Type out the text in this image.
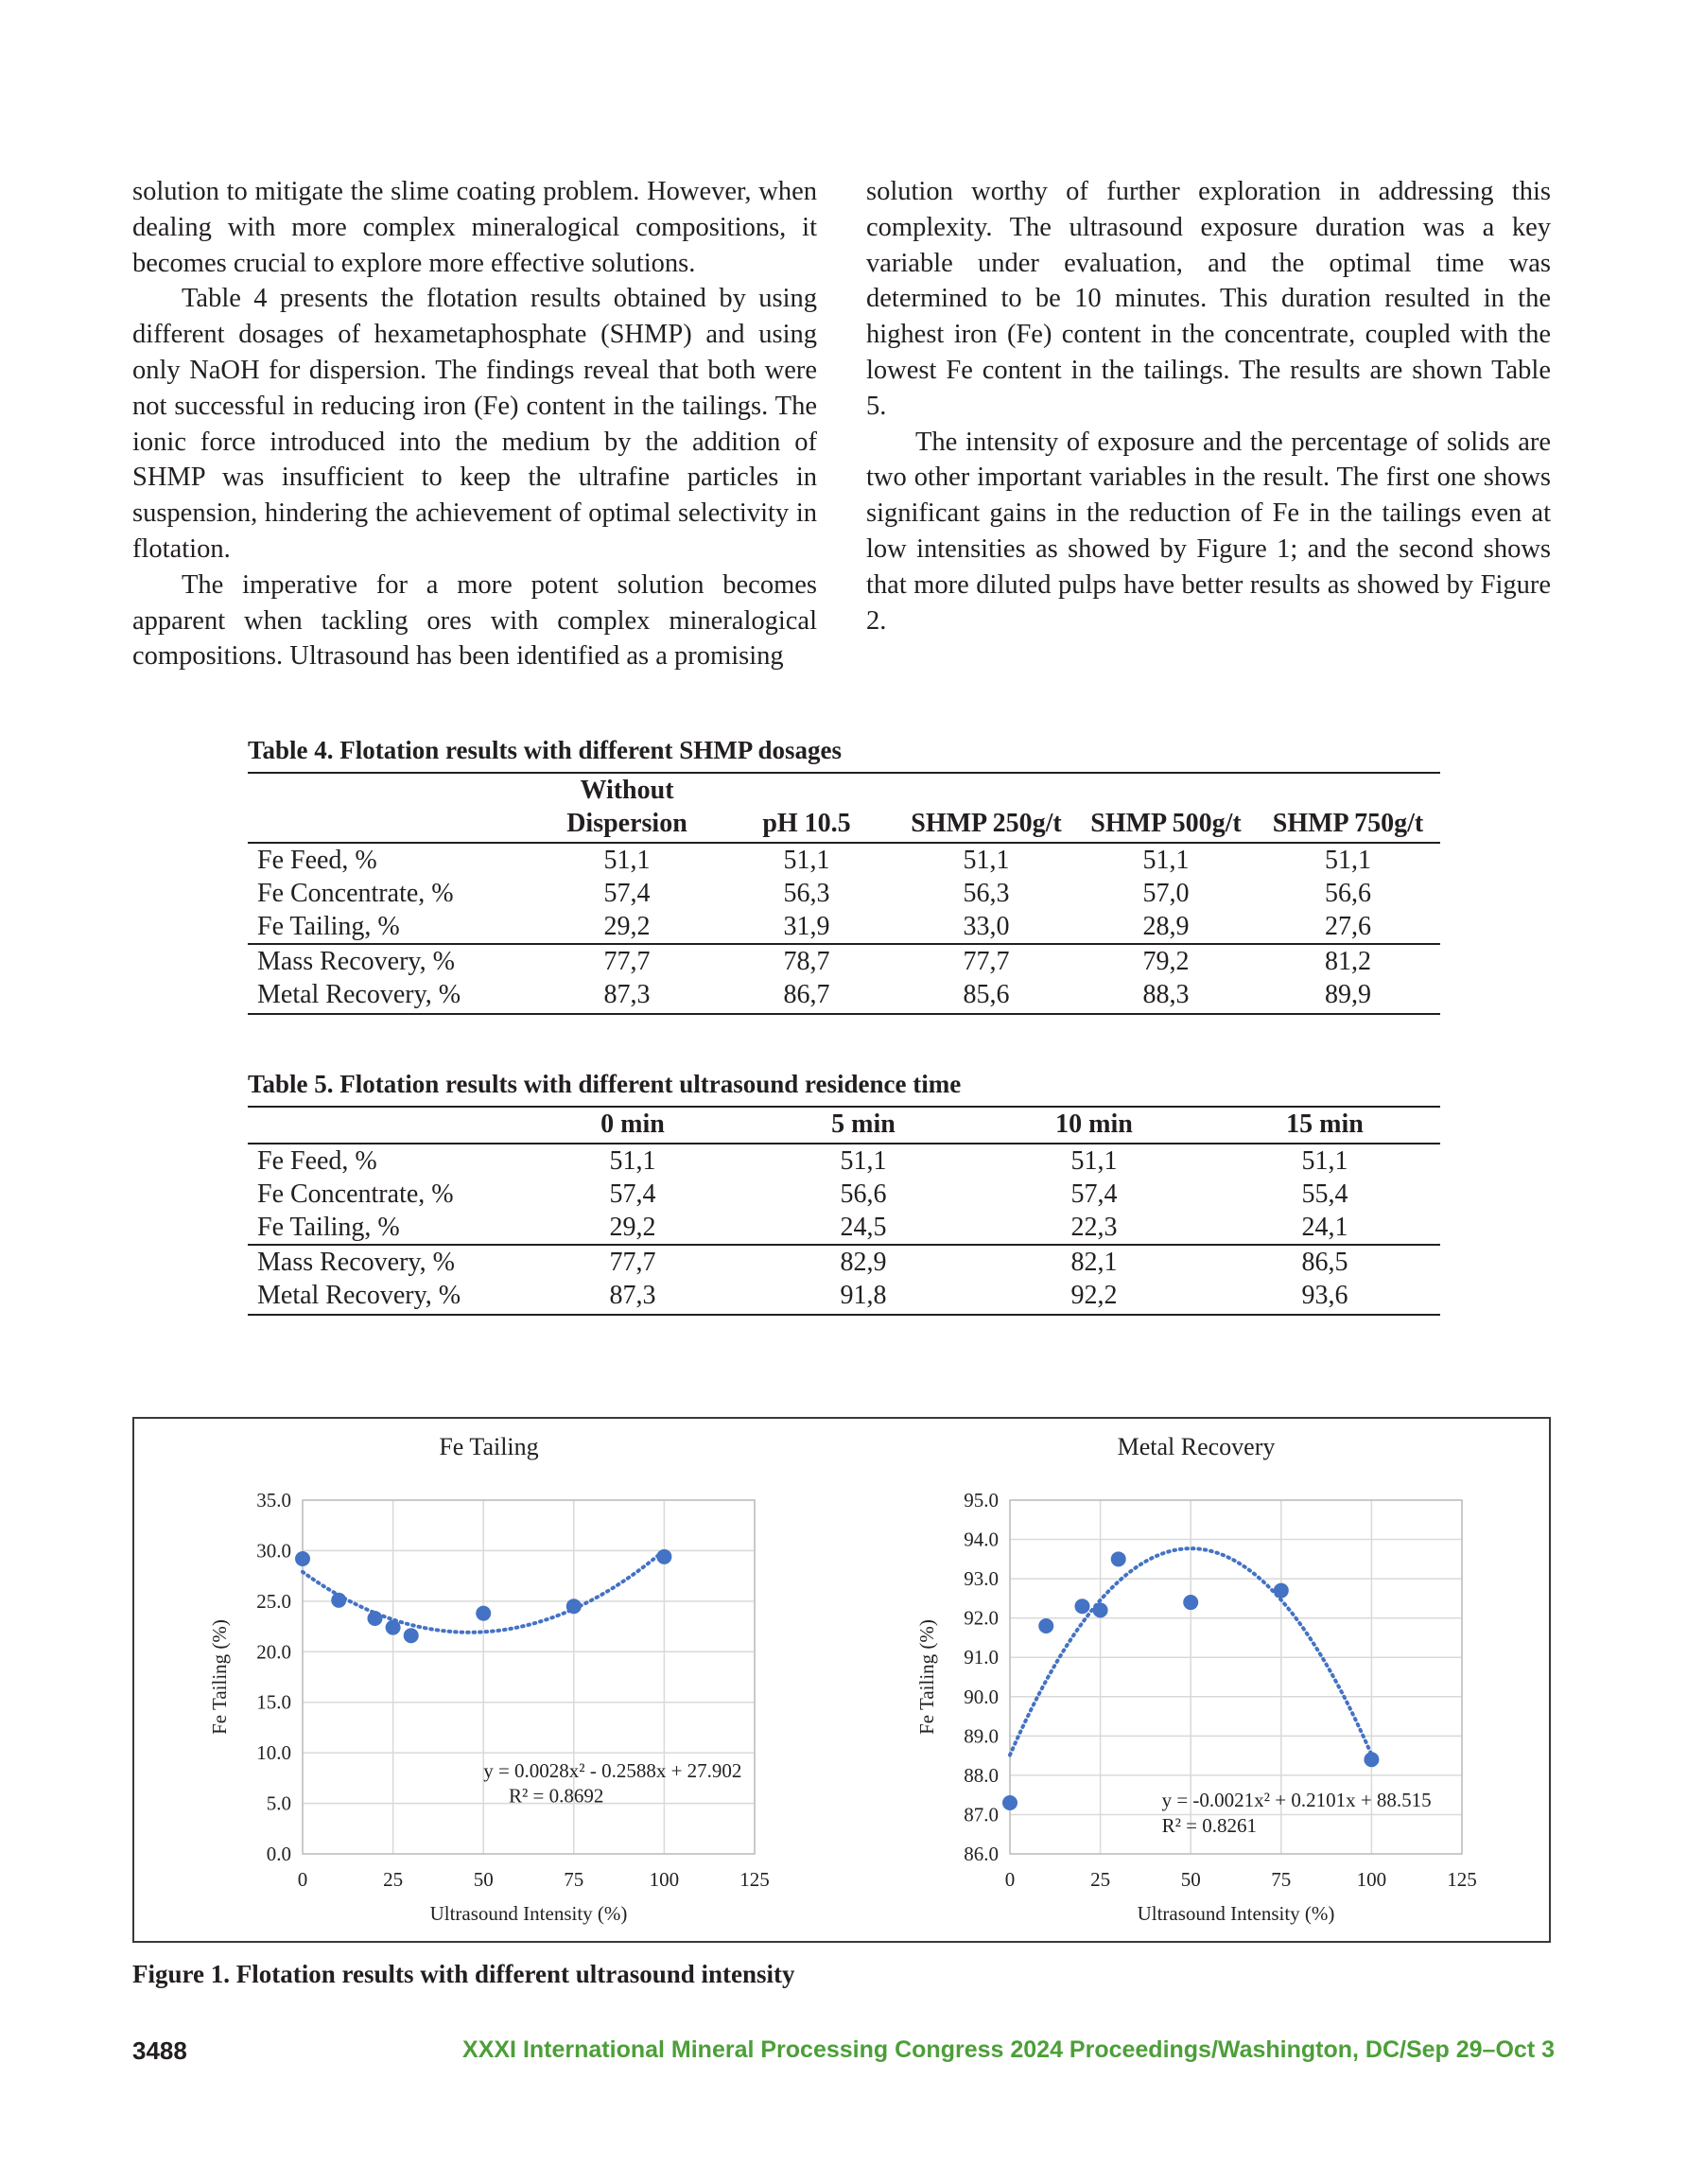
solution to mitigate the slime coating problem. However, when dealing with more complex mineralogical compositions, it becomes crucial to explore more effective solutions.

Table 4 presents the flotation results obtained by using different dosages of hexametaphosphate (SHMP) and using only NaOH for dispersion. The findings reveal that both were not successful in reducing iron (Fe) content in the tailings. The ionic force introduced into the medium by the addition of SHMP was insufficient to keep the ultrafine particles in suspension, hindering the achievement of optimal selectivity in flotation.

The imperative for a more potent solution becomes apparent when tackling ores with complex mineralogical compositions. Ultrasound has been identified as a promising

solution worthy of further exploration in addressing this complexity. The ultrasound exposure duration was a key variable under evaluation, and the optimal time was determined to be 10 minutes. This duration resulted in the highest iron (Fe) content in the concentrate, coupled with the lowest Fe content in the tailings. The results are shown Table 5.

The intensity of exposure and the percentage of solids are two other important variables in the result. The first one shows significant gains in the reduction of Fe in the tailings even at low intensities as showed by Figure 1; and the second shows that more diluted pulps have better results as showed by Figure 2.

Table 4. Flotation results with different SHMP dosages
	Without				
	Dispersion	pH 10.5	SHMP 250g/t	SHMP 500g/t	SHMP 750g/t
Fe Feed, %	51,1	51,1	51,1	51,1	51,1
Fe Concentrate, %	57,4	56,3	56,3	57,0	56,6
Fe Tailing, %	29,2	31,9	33,0	28,9	27,6
Mass Recovery, %	77,7	78,7	77,7	79,2	81,2
Metal Recovery, %	87,3	86,7	85,6	88,3	89,9
Table 5. Flotation results with different ultrasound residence time
	0 min	5 min	10 min	15 min
Fe Feed, %	51,1	51,1	51,1	51,1
Fe Concentrate, %	57,4	56,6	57,4	55,4
Fe Tailing, %	29,2	24,5	22,3	24,1
Mass Recovery, %	77,7	82,9	82,1	86,5
Metal Recovery, %	87,3	91,8	92,2	93,6
0.0
5.0
10.0
15.0
20.0
25.0
30.0
35.0
0	25	50	75	100	125
Fe Tailing
Ultrasound Intensity (%)
Fe Tailing (%)
y = 0.0028x² - 0.2588x + 27.902
R² = 0.8692
86.0
87.0
88.0
89.0
90.0
91.0
92.0
93.0
94.0
95.0
0	25	50	75	100	125
Metal Recovery
Ultrasound Intensity (%)
Fe Tailing (%)
y = -0.0021x² + 0.2101x + 88.515
R² = 0.8261
Figure 1. Flotation results with different ultrasound intensity
3488	XXXI International Mineral Processing Congress 2024 Proceedings/Washington, DC/Sep 29–Oct 3
